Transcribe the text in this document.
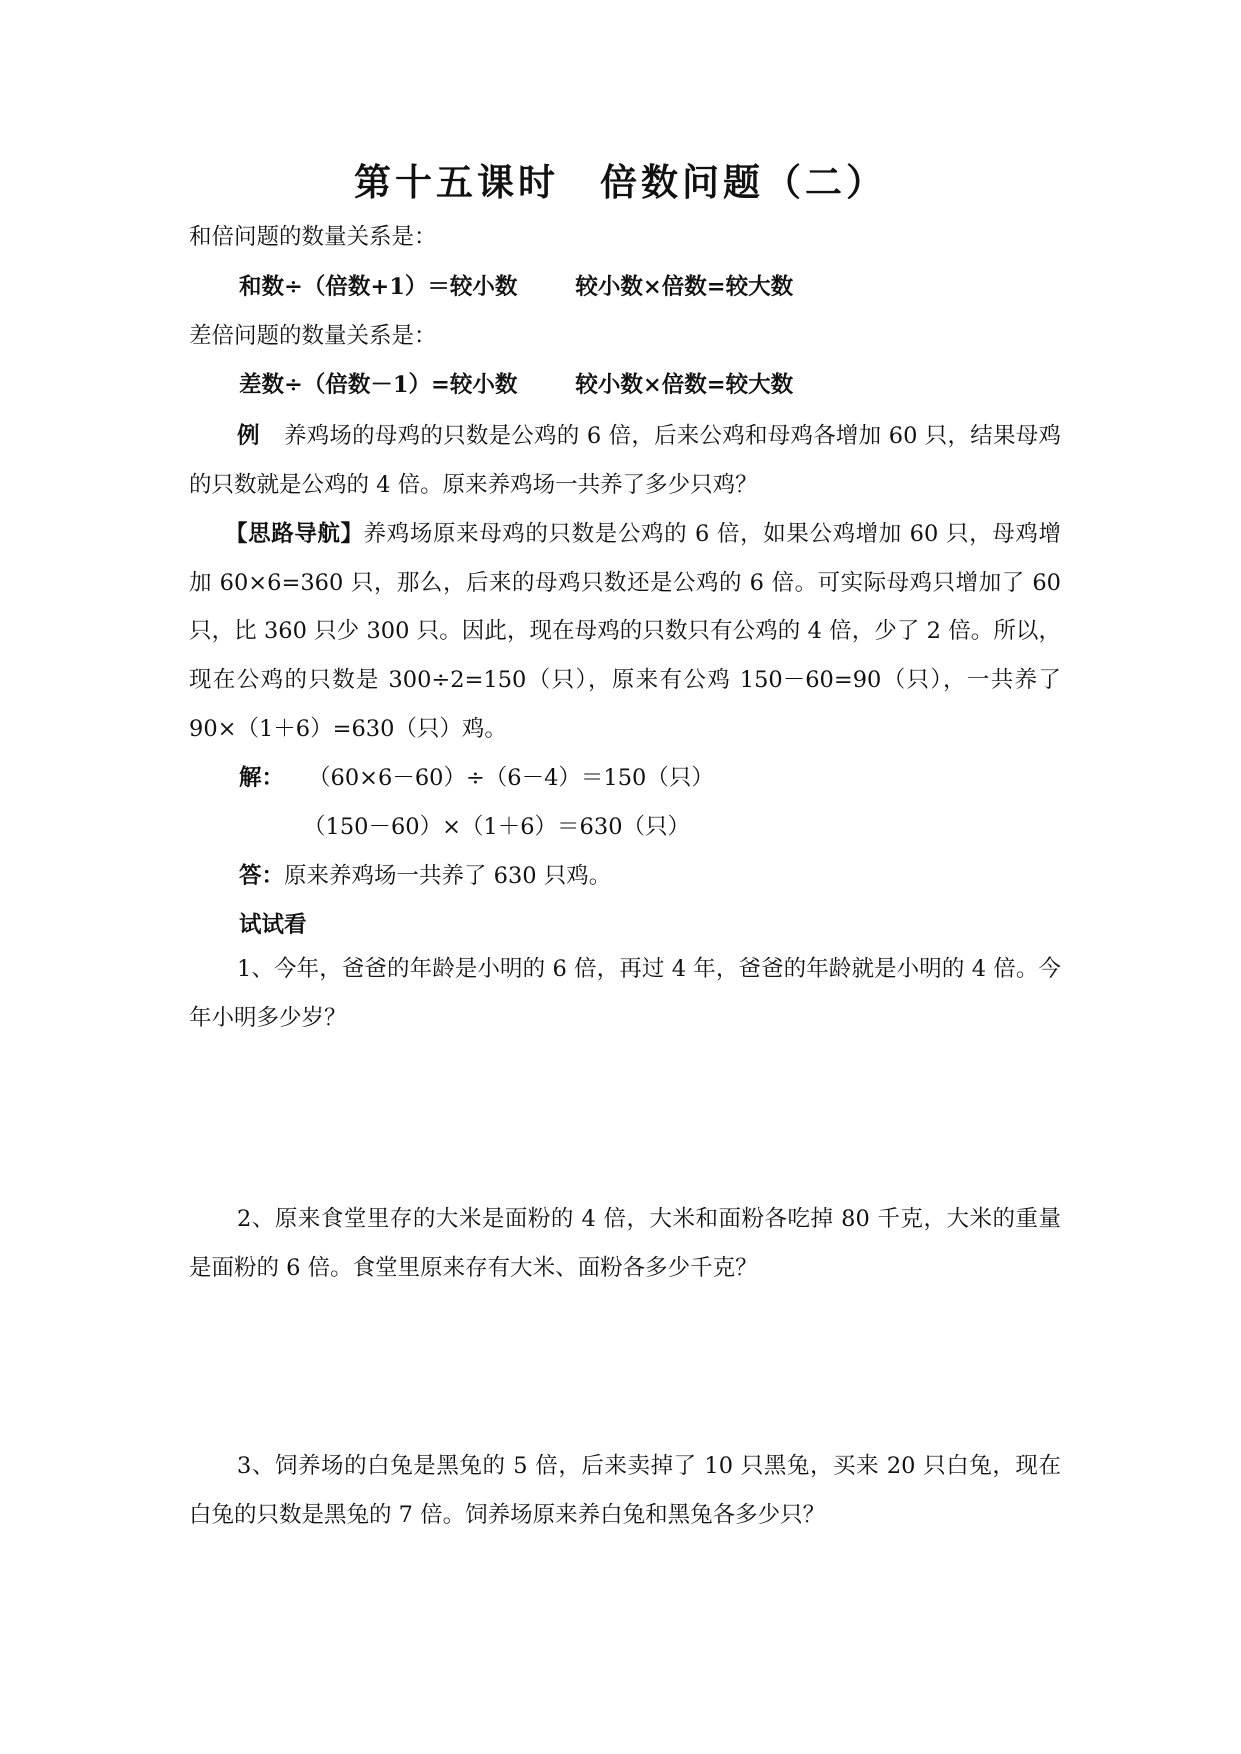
第十五课时　倍数问题（二）
和倍问题的数量关系是：
和数÷（倍数+1）＝较小数	较小数×倍数=较大数
差倍问题的数量关系是：
差数÷（倍数－1）=较小数	较小数×倍数=较大数
例 养鸡场的母鸡的只数是公鸡的 6 倍，后来公鸡和母鸡各增加 60 只，结果母鸡的只数就是公鸡的 4 倍。原来养鸡场一共养了多少只鸡？
【思路导航】养鸡场原来母鸡的只数是公鸡的 6 倍，如果公鸡增加 60 只，母鸡增加 60×6=360 只，那么，后来的母鸡只数还是公鸡的 6 倍。可实际母鸡只增加了 60 只，比 360 只少 300 只。因此，现在母鸡的只数只有公鸡的 4 倍，少了 2 倍。所以，现在公鸡的只数是 300÷2=150（只），原来有公鸡 150－60=90（只），一共养了 90×（1＋6）=630（只）鸡。
解： （60×6－60）÷（6－4）＝150（只）
（150－60）×（1＋6）＝630（只）
答：原来养鸡场一共养了 630 只鸡。
试试看
1、今年，爸爸的年龄是小明的 6 倍，再过 4 年，爸爸的年龄就是小明的 4 倍。今年小明多少岁？
2、原来食堂里存的大米是面粉的 4 倍，大米和面粉各吃掉 80 千克，大米的重量是面粉的 6 倍。食堂里原来存有大米、面粉各多少千克？
3、饲养场的白兔是黑兔的 5 倍，后来卖掉了 10 只黑兔，买来 20 只白兔，现在白兔的只数是黑兔的 7 倍。饲养场原来养白兔和黑兔各多少只？
